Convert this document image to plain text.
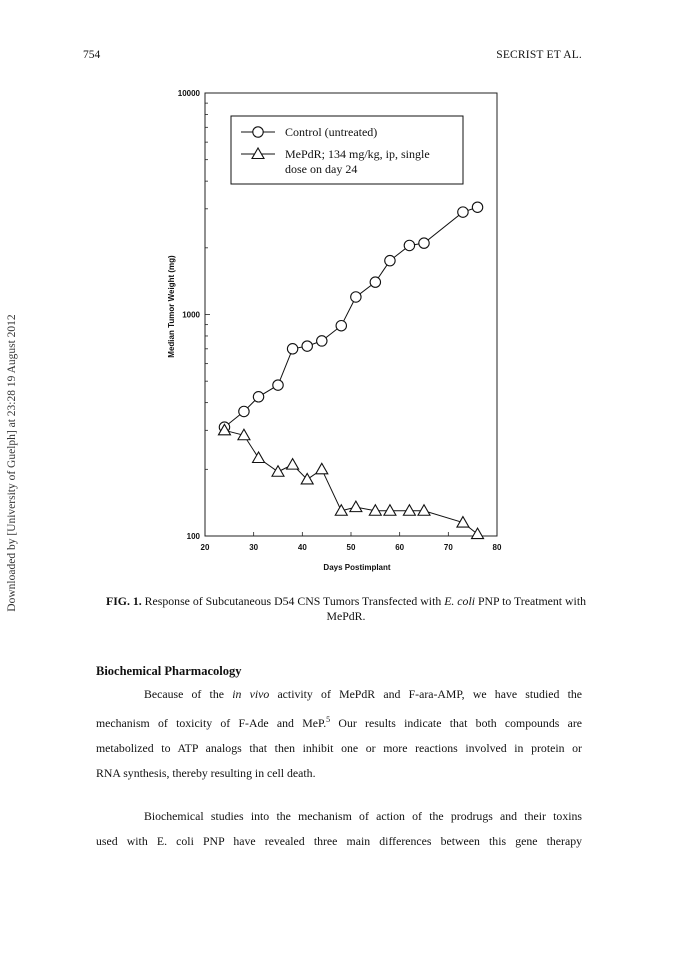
754	SECRIST ET AL.
Downloaded by [University of Guelph] at 23:28 19 August 2012	100
1000
10000
20	30	40	50	60	70	80
Days Postimplant
Median Tumor Weight (mg)
Control (untreated)
MePdR; 134 mg/kg, ip, single
dose on day 24
FIG. 1. Response of Subcutaneous D54 CNS Tumors Transfected with E. coli PNP to Treatment with MePdR.
Biochemical Pharmacology
Because of the in vivo activity of MePdR and F-ara-AMP, we have studied the
mechanism of toxicity of F-Ade and MeP.$^5$ Our results indicate that both compounds are
metabolized to ATP analogs that then inhibit one or more reactions involved in protein or
RNA synthesis, thereby resulting in cell death.
Biochemical studies into the mechanism of action of the prodrugs and their toxins
used with E. coli PNP have revealed three main differences between this gene therapy
